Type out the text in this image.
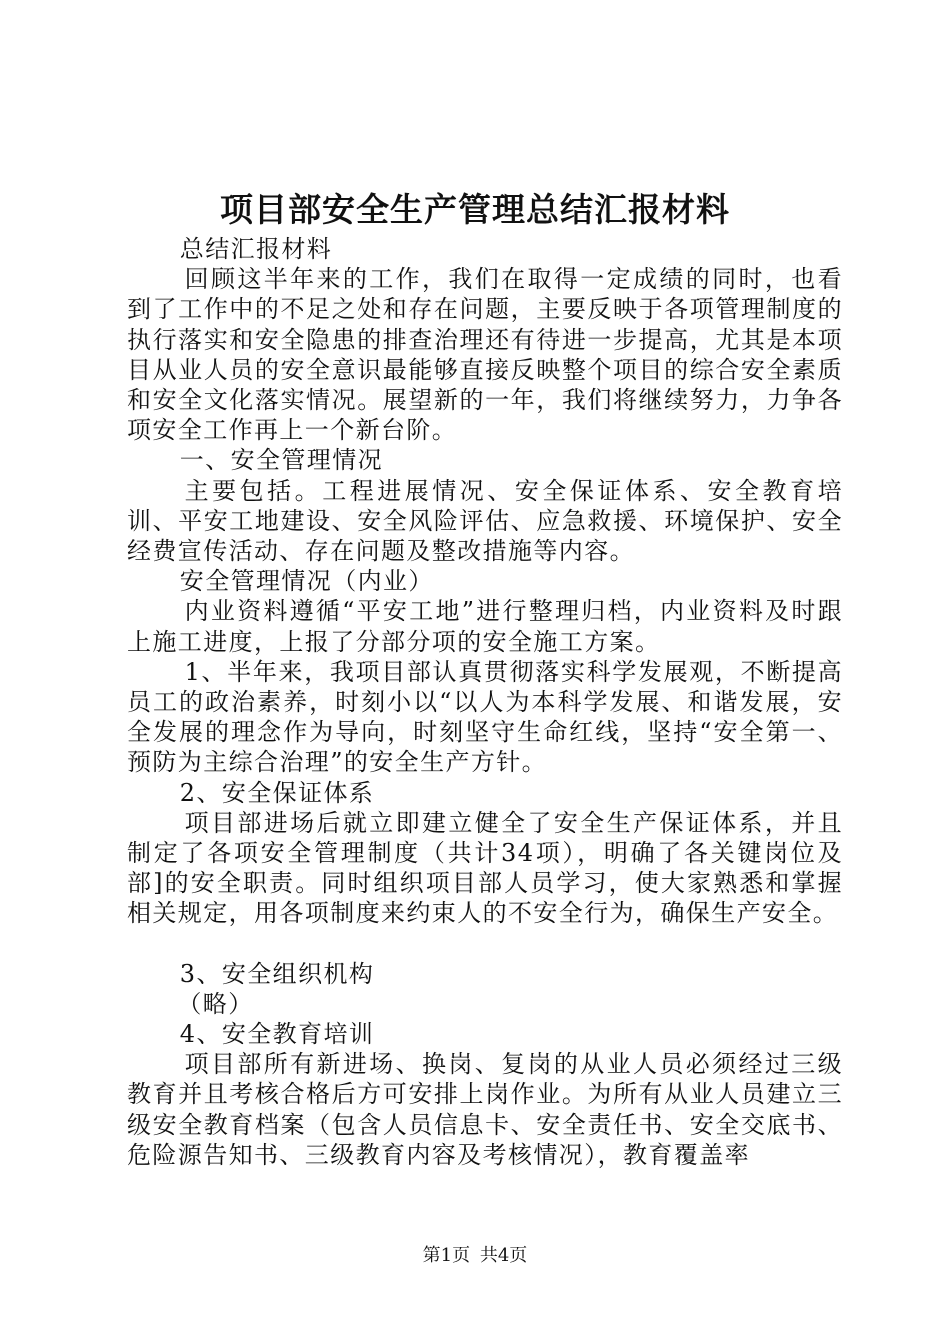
项目部安全生产管理总结汇报材料

总结汇报材料

回顾这半年来的工作，我们在取得一定成绩的同时，也看到了工作中的不足之处和存在问题，主要反映于各项管理制度的执行落实和安全隐患的排查治理还有待进一步提高，尤其是本项目从业人员的安全意识最能够直接反映整个项目的综合安全素质和安全文化落实情况。展望新的一年，我们将继续努力，力争各项安全工作再上一个新台阶。

一、安全管理情况

主要包括。工程进展情况、安全保证体系、安全教育培训、平安工地建设、安全风险评估、应急救援、环境保护、安全经费宣传活动、存在问题及整改措施等内容。

安全管理情况（内业）

内业资料遵循“平安工地”进行整理归档，内业资料及时跟上施工进度，上报了分部分项的安全施工方案。

1、半年来，我项目部认真贯彻落实科学发展观，不断提高员工的政治素养，时刻小以“以人为本科学发展、和谐发展，安全发展的理念作为导向，时刻坚守生命红线，坚持“安全第一、预防为主综合治理”的安全生产方针。

2、安全保证体系

项目部进场后就立即建立健全了安全生产保证体系，并且制定了各项安全管理制度（共计34项），明确了各关键岗位及部]的安全职责。同时组织项目部人员学习，使大家熟悉和掌握相关规定，用各项制度来约束人的不安全行为，确保生产安全。

3、安全组织机构

（略）

4、安全教育培训

项目部所有新进场、换岗、复岗的从业人员必须经过三级教育并且考核合格后方可安排上岗作业。为所有从业人员建立三级安全教育档案（包含人员信息卡、安全责任书、安全交底书、危险源告知书、三级教育内容及考核情况），教育覆盖率

第1页 共4页
